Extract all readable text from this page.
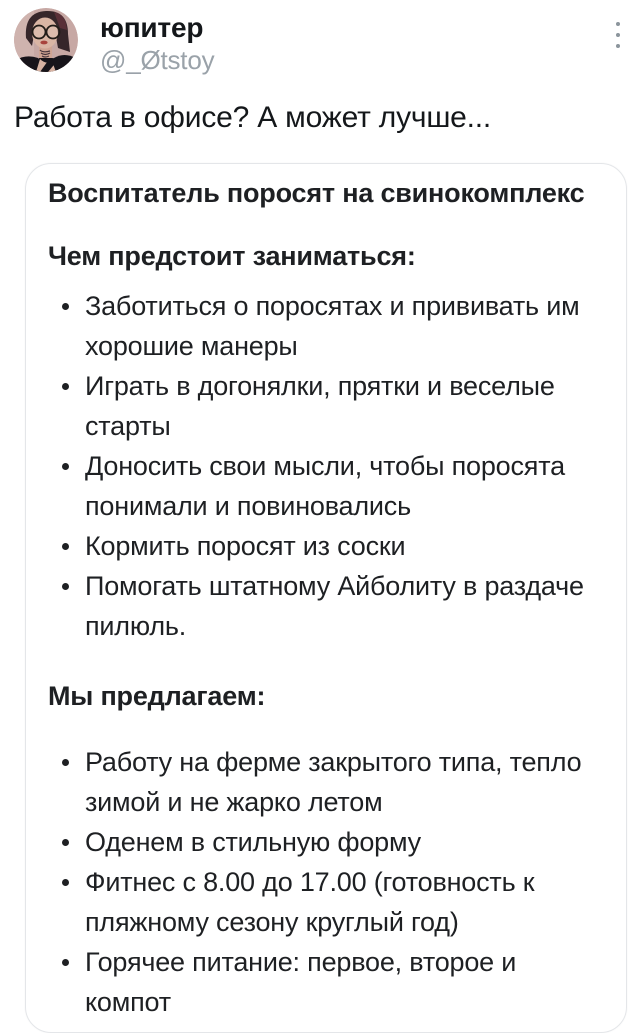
юпитер
@_Øtstoy
Работа в офисе? А может лучше...
Воспитатель поросят на свинокомплекс
Чем предстоит заниматься:
Заботиться о поросятах и прививать им хорошие манеры
Играть в догонялки, прятки и веселые старты
Доносить свои мысли, чтобы поросята понимали и повиновались
Кормить поросят из соски
Помогать штатному Айболиту в раздаче пилюль.
Мы предлагаем:
Работу на ферме закрытого типа, тепло зимой и не жарко летом
Оденем в стильную форму
Фитнес с 8.00 до 17.00 (готовность к пляжному сезону круглый год)
Горячее питание: первое, второе и компот
